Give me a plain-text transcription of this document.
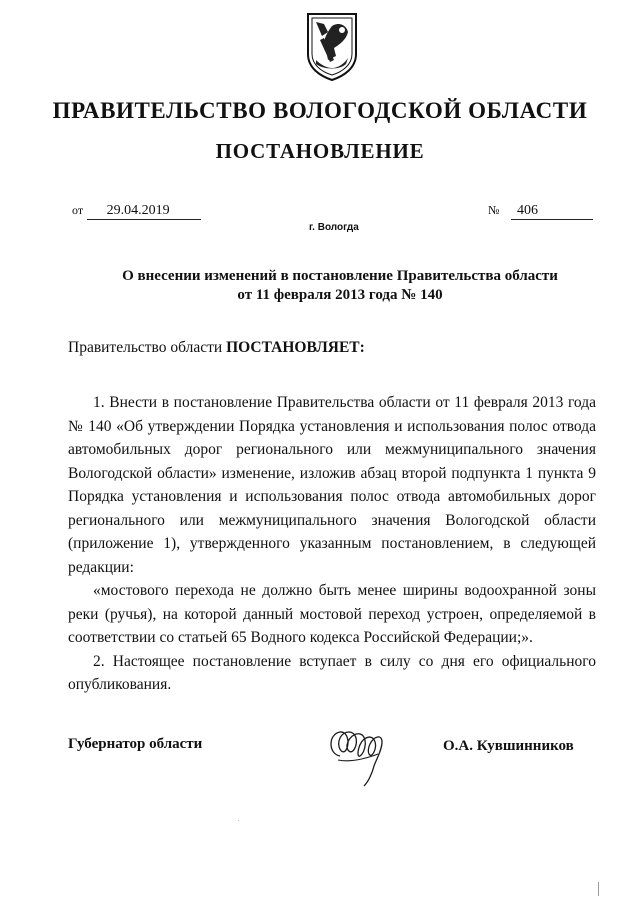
ПРАВИТЕЛЬСТВО ВОЛОГОДСКОЙ ОБЛАСТИ
ПОСТАНОВЛЕНИЕ
от 29.04.2019	№ 406
г. Вологда
О внесении изменений в постановление Правительства области
от 11 февраля 2013 года № 140
Правительство области ПОСТАНОВЛЯЕТ:

1. Внести в постановление Правительства области от 11 февраля 2013 года № 140 «Об утверждении Порядка установления и использования полос отвода автомобильных дорог регионального или межмуниципального значения Вологодской области» изменение, изложив абзац второй подпункта 1 пункта 9 Порядка установления и использования полос отвода автомобильных дорог регионального или межмуниципального значения Вологодской области (приложение 1), утвержденного указанным постановлением, в следующей редакции:

«мостового перехода не должно быть менее ширины водоохранной зоны реки (ручья), на которой данный мостовой переход устроен, определяемой в соответствии со статьей 65 Водного кодекса Российской Федерации;».

2. Настоящее постановление вступает в силу со дня его официального опубликования.

Губернатор области	О.А. Кувшинников
